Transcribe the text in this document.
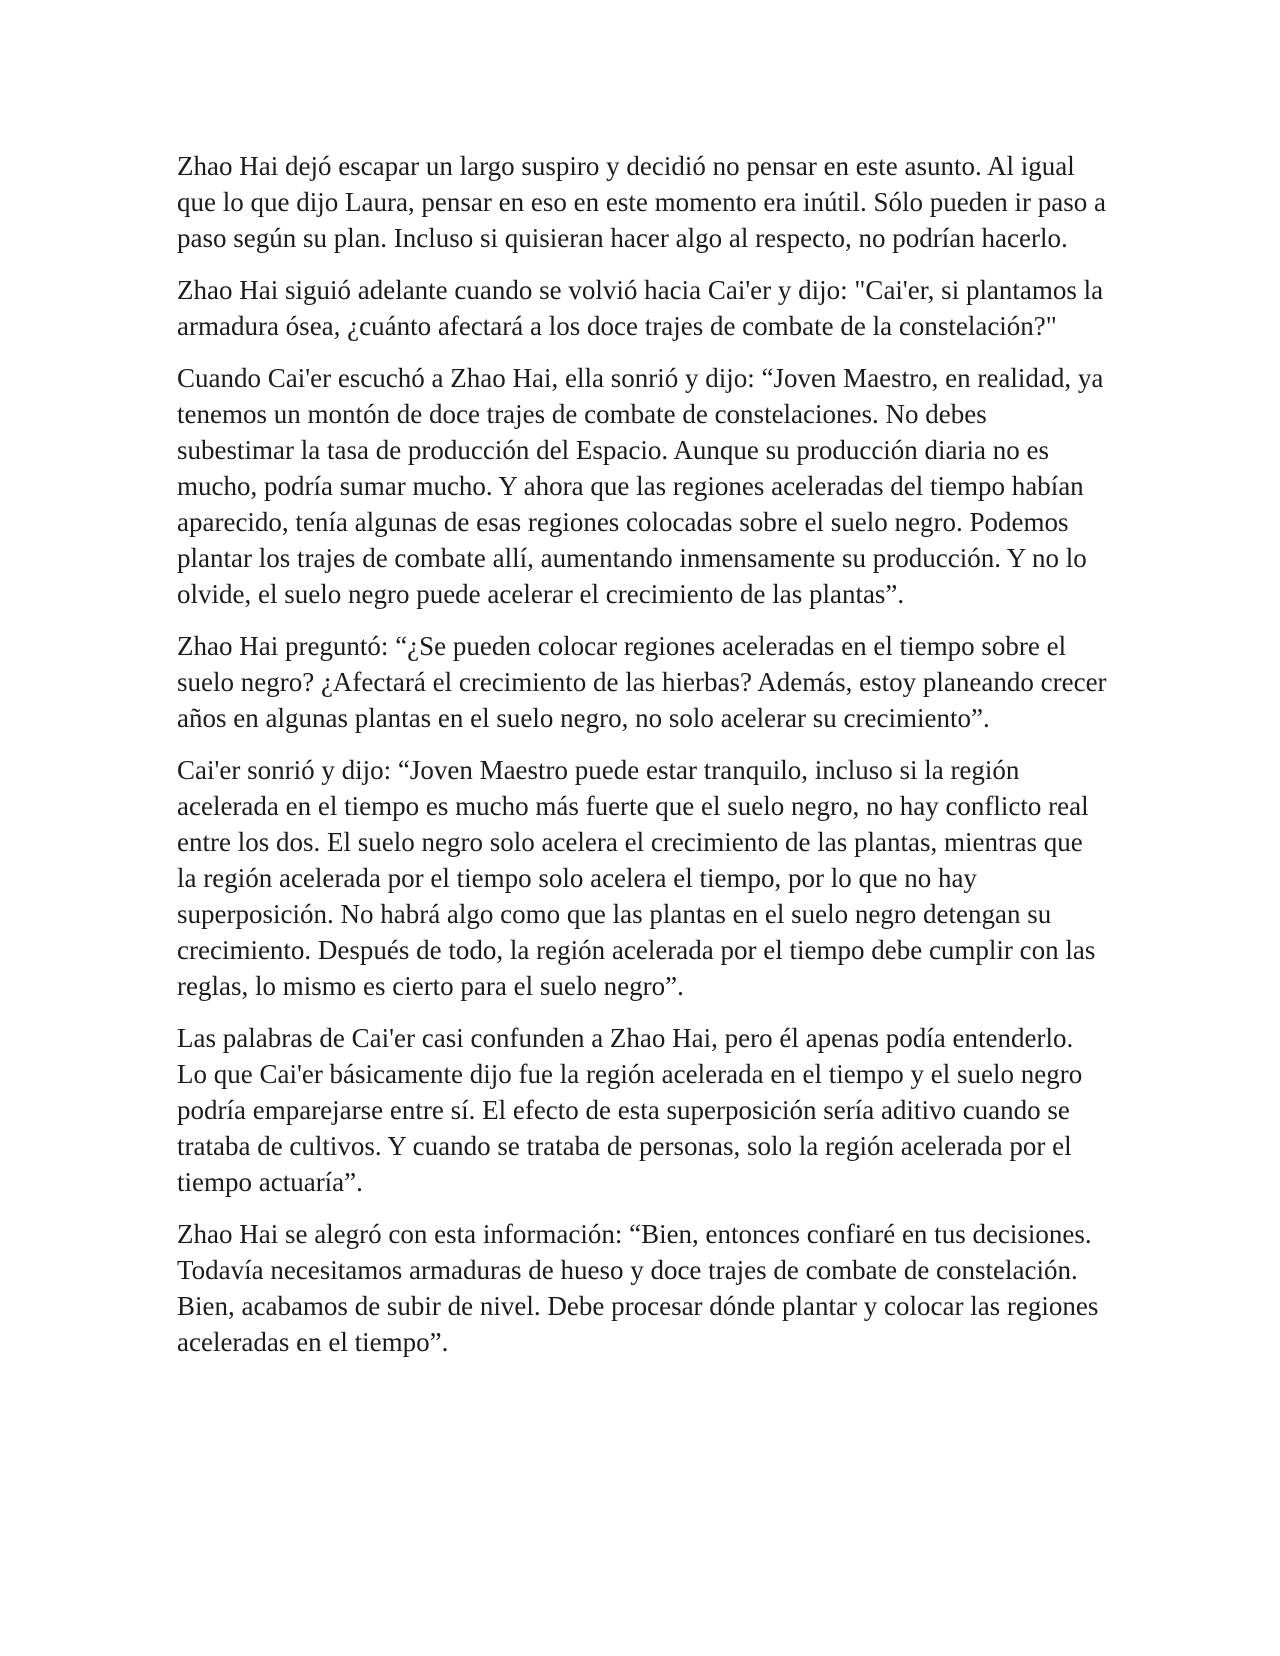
Zhao Hai dejó escapar un largo suspiro y decidió no pensar en este asunto. Al igual que lo que dijo Laura, pensar en eso en este momento era inútil. Sólo pueden ir paso a paso según su plan. Incluso si quisieran hacer algo al respecto, no podrían hacerlo.

Zhao Hai siguió adelante cuando se volvió hacia Cai'er y dijo: "Cai'er, si plantamos la armadura ósea, ¿cuánto afectará a los doce trajes de combate de la constelación?"

Cuando Cai'er escuchó a Zhao Hai, ella sonrió y dijo: “Joven Maestro, en realidad, ya tenemos un montón de doce trajes de combate de constelaciones. No debes subestimar la tasa de producción del Espacio. Aunque su producción diaria no es mucho, podría sumar mucho. Y ahora que las regiones aceleradas del tiempo habían aparecido, tenía algunas de esas regiones colocadas sobre el suelo negro. Podemos plantar los trajes de combate allí, aumentando inmensamente su producción. Y no lo olvide, el suelo negro puede acelerar el crecimiento de las plantas”.

Zhao Hai preguntó: “¿Se pueden colocar regiones aceleradas en el tiempo sobre el suelo negro? ¿Afectará el crecimiento de las hierbas? Además, estoy planeando crecer años en algunas plantas en el suelo negro, no solo acelerar su crecimiento”.

Cai'er sonrió y dijo: “Joven Maestro puede estar tranquilo, incluso si la región acelerada en el tiempo es mucho más fuerte que el suelo negro, no hay conflicto real entre los dos. El suelo negro solo acelera el crecimiento de las plantas, mientras que la región acelerada por el tiempo solo acelera el tiempo, por lo que no hay superposición. No habrá algo como que las plantas en el suelo negro detengan su crecimiento. Después de todo, la región acelerada por el tiempo debe cumplir con las reglas, lo mismo es cierto para el suelo negro”.

Las palabras de Cai'er casi confunden a Zhao Hai, pero él apenas podía entenderlo. Lo que Cai'er básicamente dijo fue la región acelerada en el tiempo y el suelo negro podría emparejarse entre sí. El efecto de esta superposición sería aditivo cuando se trataba de cultivos. Y cuando se trataba de personas, solo la región acelerada por el tiempo actuaría”.

Zhao Hai se alegró con esta información: “Bien, entonces confiaré en tus decisiones. Todavía necesitamos armaduras de hueso y doce trajes de combate de constelación. Bien, acabamos de subir de nivel. Debe procesar dónde plantar y colocar las regiones aceleradas en el tiempo”.
